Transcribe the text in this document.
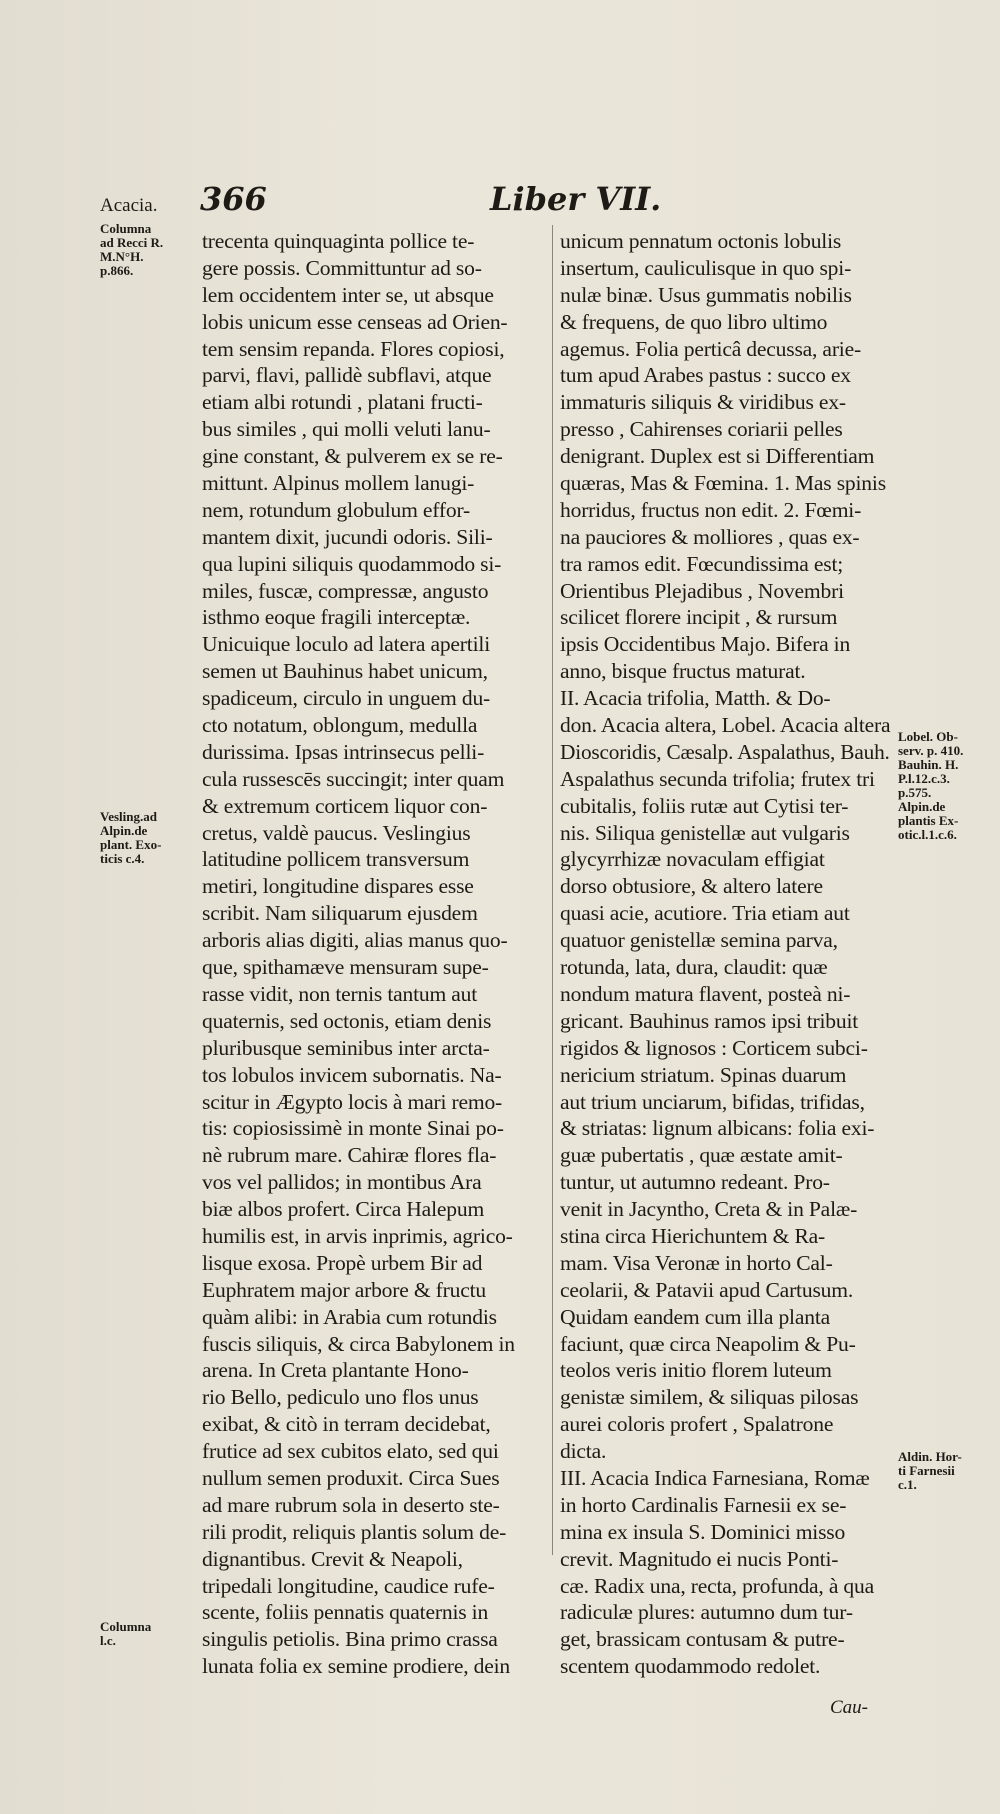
366	Liber VII.
Acacia.
Columna
ad Recci R.
M.N°H.
p.866.
Vesling.ad
Alpin.de
plant. Exo-
ticis c.4.
Columna
l.c.
Lobel. Ob-
serv. p. 410.
Bauhin. H.
P.l.12.c.3.
p.575.
Alpin.de
plantis Ex-
otic.l.1.c.6.
Aldin. Hor-
ti Farnesii
c.1.
trecenta quinquaginta pollice te-
gere possis. Committuntur ad so-
lem occidentem inter se, ut absque
lobis unicum esse censeas ad Orien-
tem sensim repanda. Flores copiosi,
parvi, flavi, pallidè subflavi, atque
etiam albi rotundi , platani fructi-
bus similes , qui molli veluti lanu-
gine constant, & pulverem ex se re-
mittunt. Alpinus mollem lanugi-
nem, rotundum globulum effor-
mantem dixit, jucundi odoris. Sili-
qua lupini siliquis quodammodo si-
miles, fuscæ, compressæ, angusto
isthmo eoque fragili interceptæ.
Unicuique loculo ad latera apertili
semen ut Bauhinus habet unicum,
spadiceum, circulo in unguem du-
cto notatum, oblongum, medulla
durissima. Ipsas intrinsecus pelli-
cula russescēs succingit; inter quam
& extremum corticem liquor con-
cretus, valdè paucus. Veslingius
latitudine pollicem transversum
metiri, longitudine dispares esse
scribit. Nam siliquarum ejusdem
arboris alias digiti, alias manus quo-
que, spithamæve mensuram supe-
rasse vidit, non ternis tantum aut
quaternis, sed octonis, etiam denis
pluribusque seminibus inter arcta-
tos lobulos invicem subornatis. Na-
scitur in Ægypto locis à mari remo-
tis: copiosissimè in monte Sinai po-
nè rubrum mare. Cahiræ flores fla-
vos vel pallidos; in montibus Ara
biæ albos profert. Circa Halepum
humilis est, in arvis inprimis, agrico-
lisque exosa. Propè urbem Bir ad
Euphratem major arbore & fructu
quàm alibi: in Arabia cum rotundis
fuscis siliquis, & circa Babylonem in
arena. In Creta plantante Hono-
rio Bello, pediculo uno flos unus
exibat, & citò in terram decidebat,
frutice ad sex cubitos elato, sed qui
nullum semen produxit. Circa Sues
ad mare rubrum sola in deserto ste-
rili prodit, reliquis plantis solum de-
dignantibus. Crevit & Neapoli,
tripedali longitudine, caudice rufe-
scente, foliis pennatis quaternis in
singulis petiolis. Bina primo crassa
lunata folia ex semine prodiere, dein
unicum pennatum octonis lobulis
insertum, cauliculisque in quo spi-
nulæ binæ. Usus gummatis nobilis
& frequens, de quo libro ultimo
agemus. Folia perticâ decussa, arie-
tum apud Arabes pastus : succo ex
immaturis siliquis & viridibus ex-
presso , Cahirenses coriarii pelles
denigrant. Duplex est si Differentiam
quæras, Mas & Fœmina. 1. Mas spinis
horridus, fructus non edit. 2. Fœmi-
na pauciores & molliores , quas ex-
tra ramos edit. Fœcundissima est;
Orientibus Plejadibus , Novembri
scilicet florere incipit , & rursum
ipsis Occidentibus Majo. Bifera in
anno, bisque fructus maturat.
II. Acacia trifolia, Matth. & Do-
don. Acacia altera, Lobel. Acacia altera
Dioscoridis, Cæsalp. Aspalathus, Bauh.
Aspalathus secunda trifolia; frutex tri
cubitalis, foliis rutæ aut Cytisi ter-
nis. Siliqua genistellæ aut vulgaris
glycyrrhizæ novaculam effigiat
dorso obtusiore, & altero latere
quasi acie, acutiore. Tria etiam aut
quatuor genistellæ semina parva,
rotunda, lata, dura, claudit: quæ
nondum matura flavent, posteà ni-
gricant. Bauhinus ramos ipsi tribuit
rigidos & lignosos : Corticem subci-
nericium striatum. Spinas duarum
aut trium unciarum, bifidas, trifidas,
& striatas: lignum albicans: folia exi-
guæ pubertatis , quæ æstate amit-
tuntur, ut autumno redeant. Pro-
venit in Jacyntho, Creta & in Palæ-
stina circa Hierichuntem & Ra-
mam. Visa Veronæ in horto Cal-
ceolarii, & Patavii apud Cartusum.
Quidam eandem cum illa planta
faciunt, quæ circa Neapolim & Pu-
teolos veris initio florem luteum
genistæ similem, & siliquas pilosas
aurei coloris profert , Spalatrone
dicta.
III. Acacia Indica Farnesiana, Romæ
in horto Cardinalis Farnesii ex se-
mina ex insula S. Dominici misso
crevit. Magnitudo ei nucis Ponti-
cæ. Radix una, recta, profunda, à qua
radiculæ plures: autumno dum tur-
get, brassicam contusam & putre-
scentem quodammodo redolet.
Cau-
